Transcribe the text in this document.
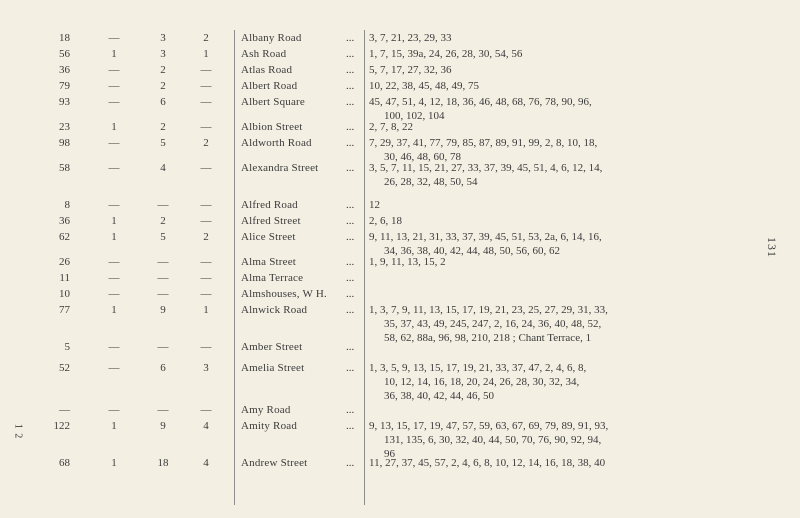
131
1 2
18	—	3	2	Albany Road	... 3, 7, 21, 23, 29, 33
56	1	3	1	Ash Road	... 1, 7, 15, 39a, 24, 26, 28, 30, 54, 56
36	—	2	—	Atlas Road	... 5, 7, 17, 27, 32, 36
79	—	2	—	Albert Road	... 10, 22, 38, 45, 48, 49, 75
93	—	6	—	Albert Square	... 45, 47, 51, 4, 12, 18, 36, 46, 48, 68, 76, 78, 90, 96,
100, 102, 104
23	1	2	—	Albion Street	... 2, 7, 8, 22
98	—	5	2	Aldworth Road	... 7, 29, 37, 41, 77, 79, 85, 87, 89, 91, 99, 2, 8, 10, 18,
30, 46, 48, 60, 78
58	—	4	—	Alexandra Street	... 3, 5, 7, 11, 15, 21, 27, 33, 37, 39, 45, 51, 4, 6, 12, 14,
26, 28, 32, 48, 50, 54
8	—	—	—	Alfred Road	... 12
36	1	2	—	Alfred Street	... 2, 6, 18
62	1	5	2	Alice Street	... 9, 11, 13, 21, 31, 33, 37, 39, 45, 51, 53, 2a, 6, 14, 16,
34, 36, 38, 40, 42, 44, 48, 50, 56, 60, 62
26	—	—	—	Alma Street	... 1, 9, 11, 13, 15, 2
11	—	—	—	Alma Terrace	...
10	—	—	—	Almshouses, W H.	...
77	1	9	1	Alnwick Road	... 1, 3, 7, 9, 11, 13, 15, 17, 19, 21, 23, 25, 27, 29, 31, 33,
35, 37, 43, 49, 245, 247, 2, 16, 24, 36, 40, 48, 52,
58, 62, 88a, 96, 98, 210, 218 ; Chant Terrace, 1
5	—	—	—	Amber Street	...
52	—	6	3	Amelia Street	... 1, 3, 5, 9, 13, 15, 17, 19, 21, 33, 37, 47, 2, 4, 6, 8,
10, 12, 14, 16, 18, 20, 24, 26, 28, 30, 32, 34,
36, 38, 40, 42, 44, 46, 50
—	—	—	—	Amy Road	...
122	1	9	4	Amity Road	... 9, 13, 15, 17, 19, 47, 57, 59, 63, 67, 69, 79, 89, 91, 93,
131, 135, 6, 30, 32, 40, 44, 50, 70, 76, 90, 92, 94,
96
68	1	18	4	Andrew Street	... 11, 27, 37, 45, 57, 2, 4, 6, 8, 10, 12, 14, 16, 18, 38, 40
